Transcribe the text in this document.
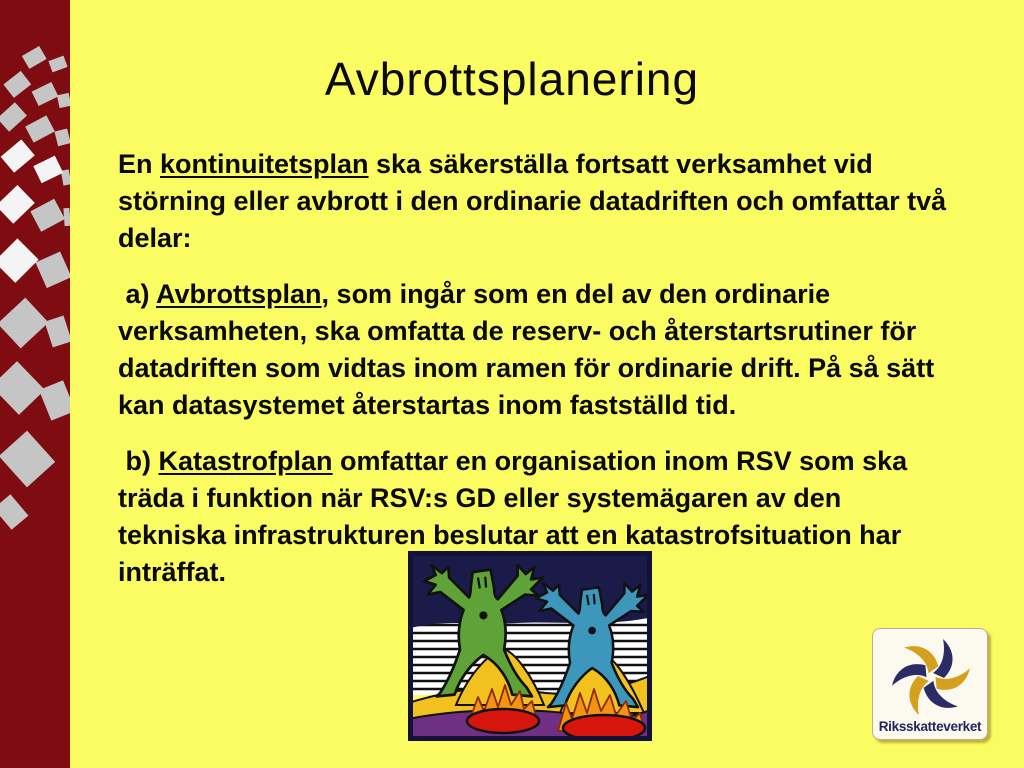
Avbrottsplanering

En kontinuitetsplan ska säkerställa fortsatt verksamhet vid störning eller avbrott i den ordinarie datadriften och omfattar två delar:

a) Avbrottsplan, som ingår som en del av den ordinarie verksamheten, ska omfatta de reserv- och återstartsrutiner för datadriften som vidtas inom ramen för ordinarie drift. På så sätt kan datasystemet återstartas inom fastställd tid.

b) Katastrofplan omfattar en organisation inom RSV som ska träda i funktion när RSV:s GD eller systemägaren av den tekniska infrastrukturen beslutar att en katastrofsituation har inträffat.

Riksskatteverket
